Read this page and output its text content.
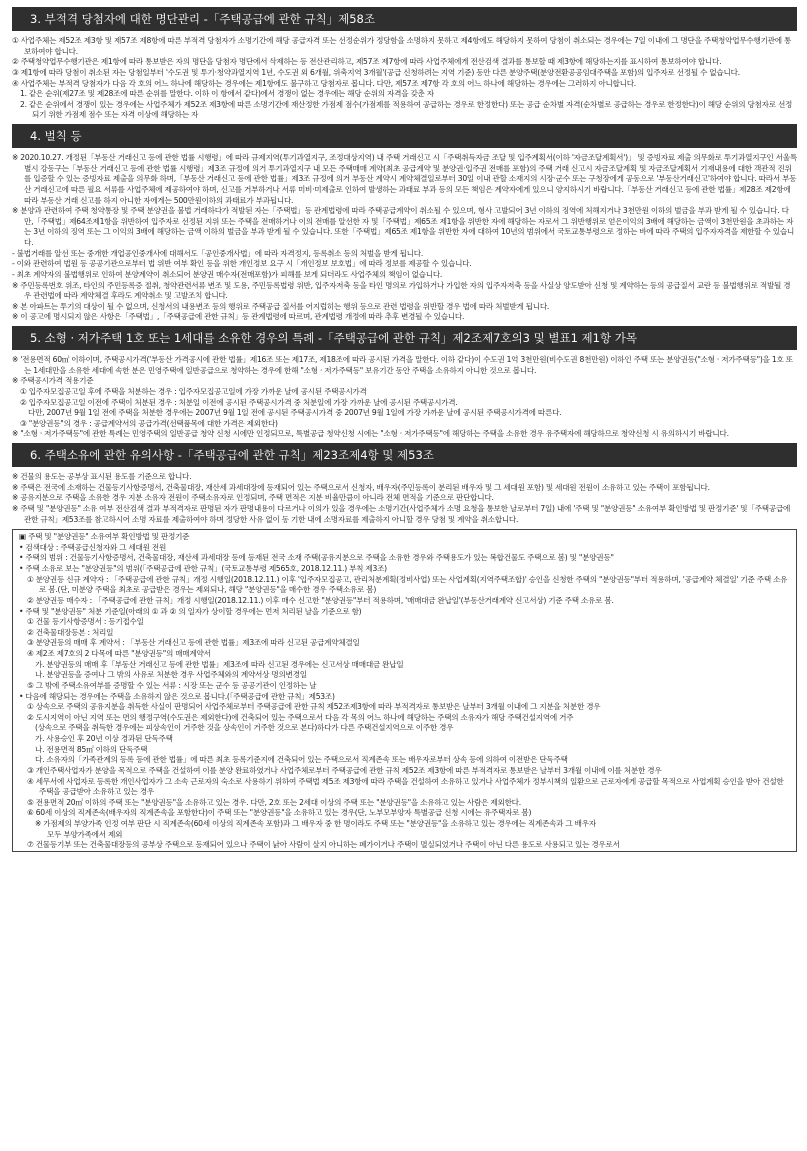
3. 부적격 당첨자에 대한 명단관리 -「주택공급에 관한 규칙」제58조

① 사업주체는 제52조 제3항 및 제57조 제8항에 따른 부적격 당첨자가 소명기간에 해당 공급자격 또는 선정순위가 정당함을 소명하지 못하고 제4항에도 해당하지 못하여 당첨이 취소되는 경우에는 7일 이내에 그 명단을 주택청약업무수행기관에 통보하여야 합니다.

② 주택청약업무수행기관은 제1항에 따라 통보받은 자의 명단을 당첨자 명단에서 삭제하는 등 전산관리하고, 제57조 제7항에 따라 사업주체에게 전산검색 결과를 통보할 때 제3항에 해당하는지를 표시하여 통보하여야 합니다.

③ 제1항에 따라 당첨이 취소된 자는 당첨일부터 '수도권 및 투기·청약과열지역 1년, 수도권 외 6개월, 위축지역 3개월'(공급 신청하려는 지역 기준) 동안 다른 분양주택(분양전환공공임대주택을 포함)의 입주자로 선정될 수 없습니다.

④ 사업주체는 부적격 당첨자가 다음 각 호의 어느 하나에 해당하는 경우에는 제1항에도 불구하고 당첨자로 봅니다. 다만, 제57조 제7항 각 호의 어느 하나에 해당하는 경우에는 그러하지 아니합니다.

1. 같은 순위(제27조 및 제28조에 따른 순위를 말한다. 이하 이 항에서 같다)에서 경쟁이 없는 경우에는 해당 순위의 자격을 갖춘 자

2. 같은 순위에서 경쟁이 있는 경우에는 사업주체가 제52조 제3항에 따른 소명기간에 재산정한 가점제 점수(가점제를 적용하여 공급하는 경우로 한정한다) 또는 공급 순차별 자격(순차별로 공급하는 경우로 한정한다)이 해당 순위의 당첨자로 선정되기 위한 가점제 점수 또는 자격 이상에 해당하는 자

4. 벌칙 등

※ 2020.10.27. 개정된「부동산 거래신고 등에 관한 법률 시행령」에 따라 규제지역(투기과열지구, 조정대상지역) 내 주택 거래신고 시「주택취득자금 조달 및 입주계획서(이하 '자금조달계획서')」 및 증빙자료 제출 의무화로 투기과열지구인 서울특별시 강동구는「부동산 거래신고 등에 관한 법률 시행령」제3조 규정에 의거 투기과열지구 내 모든 주택매매 계약(최초 공급계약 및 분양권·입주권 전매를 포함)의 주택 거래 신고시 자금조달계획 및 자금조달계획서 기재내용에 대한 객관적 진위를 입증할 수 있는 증빙자료 제출을 의무화 하며,「부동산 거래신고 등에 관한 법률」제3조 규정에 의거 부동산 계약시 계약체결일로부터 30일 이내 관할 소재지의 시장·군수 또는 구청장에게 공동으로 '부동산거래신고'하여야 합니다. 따라서 부동산 거래신고에 따른 필요 서류를 사업주체에 제공하여야 하며, 신고를 거부하거나 서류 미비·미제출로 인하여 발생하는 과태료 부과 등의 모든 책임은 계약자에게 있으니 양지하시기 바랍니다.「부동산 거래신고 등에 관한 법률」제28조 제2항에 따라 부동산 거래 신고를 하지 아니한 자에게는 500만원이하의 과태료가 부과됩니다.

※ 분양과 관련하여 주택 청약통장 및 주택 분양권을 불법 거래하다가 적발된 자는「주택법」등 관계법령에 따라 주택공급계약이 취소될 수 있으며, 형사 고발되어 3년 이하의 징역에 처해지거나 3천만원 이하의 벌금을 부과 받게 될 수 있습니다. 다만,「주택법」제64조제1항을 위반하여 입주자로 선정된 지위 또는 주택을 전매하거나 이의 전매를 알선한 자 및「주택법」제65조 제1항을 위반한 자에 해당하는 자로서 그 위반행위로 얻은이익의 3배에 해당하는 금액이 3천만원을 초과하는 자는 3년 이하의 징역 또는 그 이익의 3배에 해당하는 금액 이하의 벌금을 부과 받게 될 수 있습니다. 또한「주택법」제65조 제1항을 위반한 자에 대하여 10년의 범위에서 국토교통부령으로 정하는 바에 따라 주택의 입주자자격을 제한할 수 있습니다.

- 불법거래를 알선 또는 중개한 개업공인중개사에 대해서도「공인중개사법」에 따라 자격정지, 등록취소 등의 처벌을 받게 됩니다.

- 이와 관련하여 법원 등 공공기관으로부터 법 위반 여부 확인 등을 위한 개인정보 요구 시「개인정보 보호법」에 따라 정보를 제공할 수 있습니다.

- 최초 계약자의 불법행위로 인하여 분양계약이 취소되어 분양권 매수자(전매포함)가 피해를 보게 되더라도 사업주체의 책임이 없습니다.

※ 주민등록번호 위조, 타인의 주민등록증 절취, 청약관련서류 변조 및 도용, 주민등록법령 위반, 입주자저축 등을 타인 명의로 가입하거나 가입한 자의 입주자저축 등을 사실상 양도받아 신청 및 계약하는 등의 공급질서 교란 등 불법행위로 적발될 경우 관련법에 따라 계약체결 후라도 계약취소 및 고발조치 합니다.

※ 본 아파트는 투기의 대상이 될 수 없으며, 신청서의 내용변조 등의 행위로 주택공급 질서를 어지럽히는 행위 등으로 관련 법령을 위반할 경우 법에 따라 처벌받게 됩니다.

※ 이 공고에 명시되지 않은 사항은「주택법」,「주택공급에 관한 규칙」등 관계법령에 따르며, 관계법령 개정에 따라 추후 변경될 수 있습니다.

5. 소형 · 저가주택 1호 또는 1세대를 소유한 경우의 특례 -「주택공급에 관한 규칙」제2조제7호의3 및 별표1 제1항 가목

※ '전용면적 60㎡ 이하이며, 주택공시가격('부동산 가격공시에 관한 법률」제16조 또는 제17조, 제18조에 따라 공시된 가격을 말한다. 이하 같다)이 수도권 1억 3천만원(비수도권 8천만원) 이하인 주택 또는 분양권등("소형 · 저가주택등")을 1호 또는 1세대만을 소유한 세대에 속한 분은 민영주택에 일반공급으로 청약하는 경우에 한해 "소형 · 저가주택등" 보유기간 동안 주택을 소유하지 아니한 것으로 봅니다.

※ 주택공시가격 적용기준

① 입주자모집공고일 후에 주택을 처분하는 경우 : 입주자모집공고일에 가장 가까운 날에 공시된 주택공시가격

② 입주자모집공고일 이전에 주택이 처분된 경우 : 처분일 이전에 공시된 주택공시가격 중 처분일에 가장 가까운 날에 공시된 주택공시가격.

다만, 2007년 9월 1일 전에 주택을 처분한 경우에는 2007년 9월 1일 전에 공시된 주택공시가격 중 2007년 9월 1일에 가장 가까운 날에 공시된 주택공시가격에 따른다.

③ "분양권등"의 경우 : 공급계약서의 공급가격(선택품목에 대한 가격은 제외한다)

※ "소형 · 저가주택등"에 관한 특례는 민영주택의 일반공급 청약 신청 시에만 인정되므로, 특별공급 청약신청 시에는 "소형 · 저가주택등"에 해당하는 주택을 소유한 경우 유주택자에 해당하므로 청약신청 시 유의하시기 바랍니다.

6. 주택소유에 관한 유의사항 -「주택공급에 관한 규칙」제23조제4항 및 제53조

※ 건물의 용도는 공부상 표시된 용도를 기준으로 합니다.

※ 주택은 전국에 소재하는 건물등기사항증명서, 건축물대장, 재산세 과세대장에 등재되어 있는 주택으로서 신청자, 배우자(주민등록이 분리된 배우자 및 그 세대원 포함) 및 세대원 전원이 소유하고 있는 주택이 포함됩니다.

※ 공유지분으로 주택을 소유한 경우 지분 소유자 전원이 주택소유자로 인정되며, 주택 면적은 지분 비율만큼이 아니라 전체 면적을 기준으로 판단합니다.

※ 주택 및 "분양권등" 소유 여부 전산검색 결과 부적격자로 판명된 자가 판명내용이 다르거나 이의가 있을 경우에는 소명기간(사업주체가 소명 요청을 통보한 날로부터 7일) 내에 '주택 및 "분양권등" 소유여부 확인방법 및 판정기준' 및「주택공급에 관한 규칙」제53조를 참고하시어 소명 자료를 제출하여야 하며 정당한 사유 없이 동 기한 내에 소명자료를 제출하지 아니할 경우 당첨 및 계약을 취소합니다.

▣ 주택 및 "분양권등" 소유여부 확인방법 및 판정기준

• 검색대상 : 주택공급신청자와 그 세대원 전원

• 주택의 범위 : 건물등기사항증명서, 건축물대장, 재산세 과세대장 등에 등재된 전국 소재 주택(공유지분으로 주택을 소유한 경우와 주택용도가 있는 복합건물도 주택으로 봄) 및 "분양권등"

• 주택 소유로 보는 "분양권등"의 범위(「주택공급에 관한 규칙」(국토교통부령 제565호, 2018.12.11.) 부칙 제3조)

① 분양권등 신규 계약자 : 「주택공급에 관한 규칙」개정 시행일(2018.12.11.) 이후 '입주자모집공고, 관리처분계획(정비사업) 또는 사업계획(지역주택조합)' 승인을 신청한 주택의 "분양권등"부터 적용하며, '공급계약 체결일' 기준 주택 소유로 봄.(단, 미분양 주택을 최초로 공급받은 경우는 제외되나, 해당 "분양권등"을 매수한 경우 주택소유로 봄)

② 분양권등 매수자 : 「주택공급에 관한 규칙」개정 시행일(2018.12.11.) 이후 매수 신고한 "분양권등"부터 적용하며, '매매대금 완납일'(부동산거래계약 신고서상) 기준 주택 소유로 봄.

• 주택 및 "분양권등" 처분 기준일(아래의 ① 과 ② 의 일자가 상이할 경우에는 먼저 처리된 날을 기준으로 함)

① 건물 등기사항증명서 : 등기접수일

② 건축물대장등본 : 처리일

③ 분양권등의 매매 후 계약서 : 「부동산 거래신고 등에 관한 법률」제3조에 따라 신고된 공급계약체결일

④ 제2조 제7호의 2 다목에 따른 "분양권등"의 매매계약서

가. 분양권등의 매매 후「부동산 거래신고 등에 관한 법률」제3조에 따라 신고된 경우에는 신고서상 매매대금 완납일

나. 분양권등을 증여나 그 밖의 사유로 처분한 경우 사업주체와의 계약서상 명의변경일

⑤ 그 밖에 주택소유여부를 증명할 수 있는 서류 : 시장 또는 군수 등 공공기관이 인정하는 날

• 다음에 해당되는 경우에는 주택을 소유하지 않은 것으로 봅니다.(「주택공급에 관한 규칙」제53조)

① 상속으로 주택의 공유지분을 취득한 사실이 판명되어 사업주체로부터 주택공급에 관한 규칙 제52조제3항에 따라 부적격자로 통보받은 날부터 3개월 이내에 그 지분을 처분한 경우

② 도시지역이 아닌 지역 또는 면의 행정구역(수도권은 제외한다)에 건축되어 있는 주택으로서 다음 각 목의 어느 하나에 해당하는 주택의 소유자가 해당 주택건설지역에 거주

(상속으로 주택을 취득한 경우에는 피상속인이 거주한 것을 상속인이 거주한 것으로 본다)하다가 다른 주택건설지역으로 이주한 경우

가. 사용승인 후 20년 이상 경과된 단독주택

나. 전용면적 85㎡ 이하의 단독주택

다. 소유자의「가족관계의 등록 등에 관한 법률」에 따른 최초 등록기준지에 건축되어 있는 주택으로서 직계존속 또는 배우자로부터 상속 등에 의하여 이전받은 단독주택

③ 개인주택사업자가 분양을 목적으로 주택을 건설하여 이를 분양 완료하였거나 사업주체로부터 주택공급에 관한 규칙 제52조 제3항에 따른 부적격자로 통보받은 날부터 3개월 이내에 이를 처분한 경우

④ 세무서에 사업자로 등록한 개인사업자가 그 소속 근로자의 숙소로 사용하기 위하여 주택법 제5조 제3항에 따라 주택을 건설하여 소유하고 있거나 사업주체가 정부시책의 일환으로 근로자에게 공급할 목적으로 사업계획 승인을 받아 건설한 주택을 공급받아 소유하고 있는 경우

⑤ 전용면적 20㎡ 이하의 주택 또는 "분양권등"을 소유하고 있는 경우. 다만, 2호 또는 2세대 이상의 주택 또는 "분양권등"을 소유하고 있는 사람은 제외한다.

⑥ 60세 이상의 직계존속(배우자의 직계존속을 포함한다)이 주택 또는 "분양권등"을 소유하고 있는 경우(단, 노부모부양자 특별공급 신청 시에는 유주택자로 봄)

※ 가점제의 부양가족 인정 여부 판단 시 직계존속(60세 이상의 직계존속 포함)과 그 배우자 중 한 명이라도 주택 또는 "분양권등"을 소유하고 있는 경우에는 직계존속과 그 배우자

모두 부양가족에서 제외

⑦ 건물등기부 또는 건축물대장등의 공부상 주택으로 등재되어 있으나 주택이 낡아 사람이 살지 아니하는 폐가이거나 주택이 멸실되었거나 주택이 아닌 다른 용도로 사용되고 있는 경우로서
